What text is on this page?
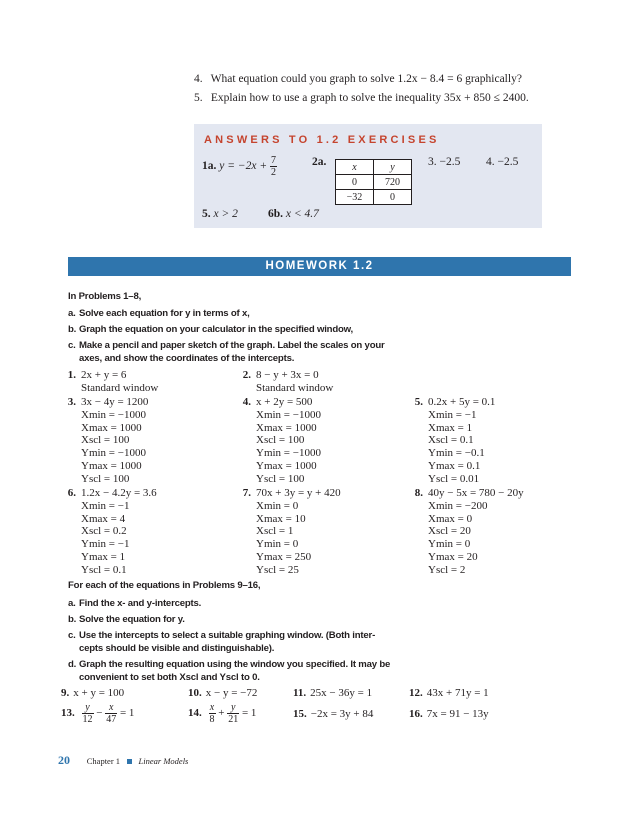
4. What equation could you graph to solve 1.2x − 8.4 = 6 graphically?
5. Explain how to use a graph to solve the inequality 35x + 850 ≤ 2400.
ANSWERS TO 1.2 EXERCISES
1a. $y = -2x + \frac{7}{2}$	2a.	x	y
0	720
−32	0
3. −2.5 4. −2.5
5. x > 2	6b. x < 4.7
HOMEWORK 1.2
In Problems 1–8,
a. Solve each equation for y in terms of x,
b. Graph the equation on your calculator in the specified window,
c. Make a pencil and paper sketch of the graph. Label the scales on your
axes, and show the coordinates of the intercepts.
1. 2x + y = 6
Standard window
2. 8 − y + 3x = 0
Standard window
3. 3x − 4y = 1200
Xmin = −1000
Xmax = 1000
Xscl = 100
Ymin = −1000
Ymax = 1000
Yscl = 100
4. x + 2y = 500
Xmin = −1000
Xmax = 1000
Xscl = 100
Ymin = −1000
Ymax = 1000
Yscl = 100
5. 0.2x + 5y = 0.1
Xmin = −1
Xmax = 1
Xscl = 0.1
Ymin = −0.1
Ymax = 0.1
Yscl = 0.01
6. 1.2x − 4.2y = 3.6
Xmin = −1
Xmax = 4
Xscl = 0.2
Ymin = −1
Ymax = 1
Yscl = 0.1
7. 70x + 3y = y + 420
Xmin = 0
Xmax = 10
Xscl = 1
Ymin = 0
Ymax = 250
Yscl = 25
8. 40y − 5x = 780 − 20y
Xmin = −200
Xmax = 0
Xscl = 20
Ymin = 0
Ymax = 20
Yscl = 2
For each of the equations in Problems 9–16,
a. Find the x- and y-intercepts.
b. Solve the equation for y.
c. Use the intercepts to select a suitable graphing window. (Both inter-
cepts should be visible and distinguishable).
d. Graph the resulting equation using the window you specified. It may be
convenient to set both Xscl and Yscl to 0.
9. x + y = 100	10. x − y = −72	11. 25x − 36y = 1	12. 43x + 71y = 1
13. $\frac{y}{12} - \frac{x}{47} = 1$	14. $\frac{x}{8} + \frac{y}{21} = 1$	15. −2x = 3y + 84	16. 7x = 91 − 13y
20 Chapter 1 Linear Models
